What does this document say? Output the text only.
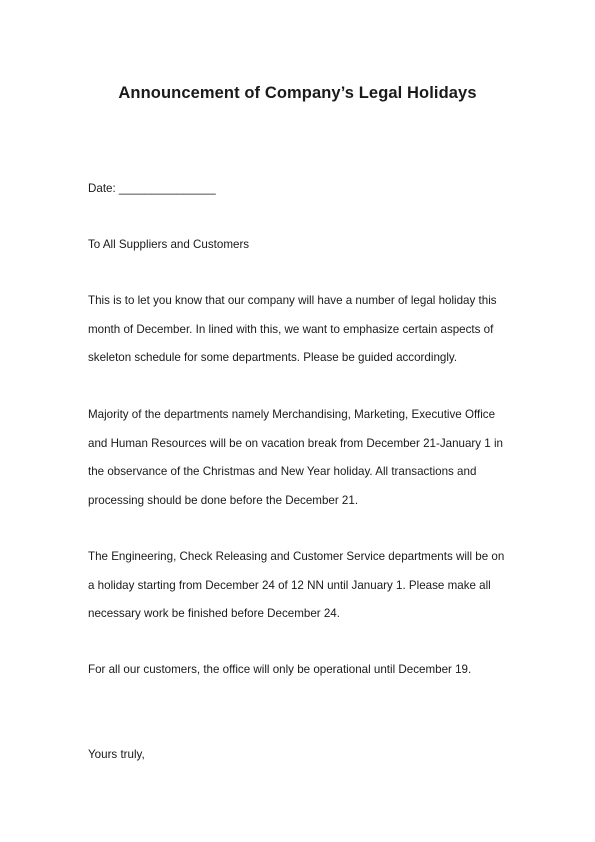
Announcement of Company’s Legal Holidays

Date: _______________

To All Suppliers and Customers

This is to let you know that our company will have a number of legal holiday this

month of December. In lined with this, we want to emphasize certain aspects of

skeleton schedule for some departments. Please be guided accordingly.

Majority of the departments namely Merchandising, Marketing, Executive Office

and Human Resources will be on vacation break from December 21-January 1 in

the observance of the Christmas and New Year holiday. All transactions and

processing should be done before the December 21.

The Engineering, Check Releasing and Customer Service departments will be on

a holiday starting from December 24 of 12 NN until January 1. Please make all

necessary work be finished before December 24.

For all our customers, the office will only be operational until December 19.

Yours truly,
